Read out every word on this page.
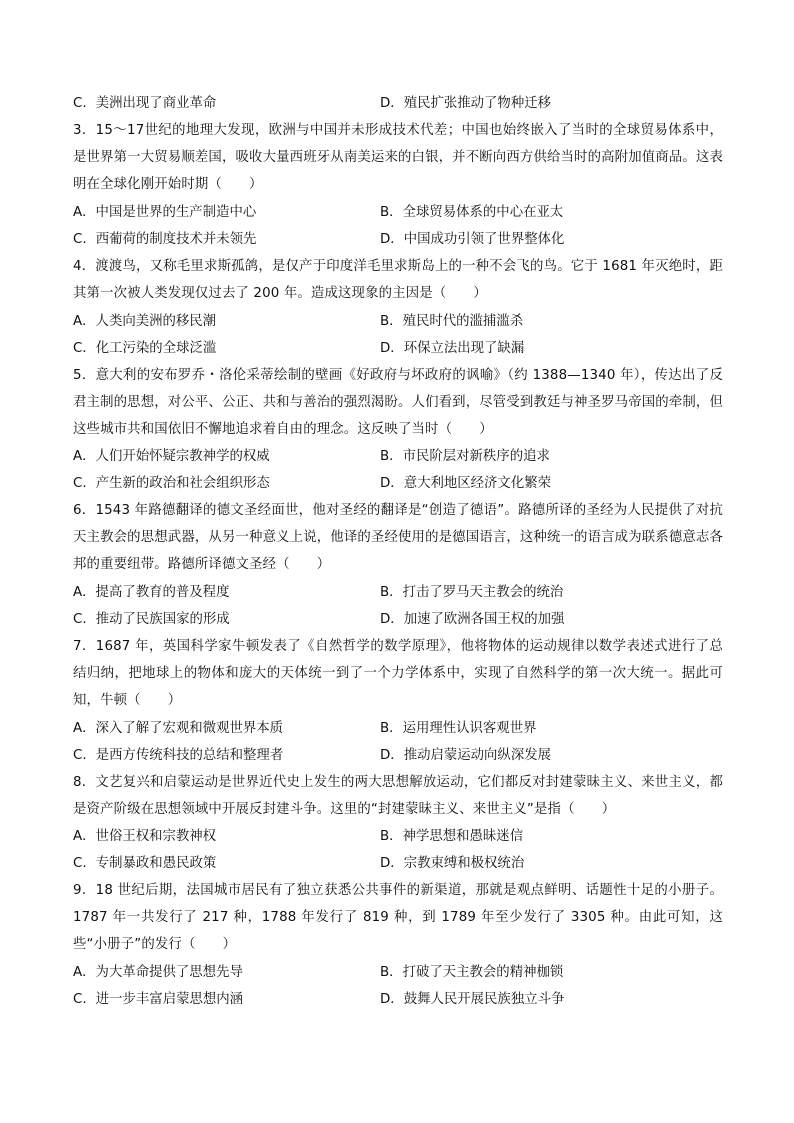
C．美洲出现了商业革命	D．殖民扩张推动了物种迁移
3．15～17世纪的地理大发现，欧洲与中国并未形成技术代差；中国也始终嵌入了当时的全球贸易体系中，是世界第一大贸易顺差国，吸收大量西班牙从南美运来的白银，并不断向西方供给当时的高附加值商品。这表明在全球化刚开始时期（　　）
A．中国是世界的生产制造中心	B．全球贸易体系的中心在亚太
C．西葡荷的制度技术并未领先	D．中国成功引领了世界整体化
4．渡渡鸟，又称毛里求斯孤鸽，是仅产于印度洋毛里求斯岛上的一种不会飞的鸟。它于 1681 年灭绝时，距其第一次被人类发现仅过去了 200 年。造成这现象的主因是（　　）
A．人类向美洲的移民潮	B．殖民时代的滥捕滥杀
C．化工污染的全球泛滥	D．环保立法出现了缺漏
5．意大利的安布罗乔・洛伦采蒂绘制的壁画《好政府与坏政府的讽喻》（约 1388—1340 年），传达出了反君主制的思想，对公平、公正、共和与善治的强烈渴盼。人们看到，尽管受到教廷与神圣罗马帝国的牵制，但这些城市共和国依旧不懈地追求着自由的理念。这反映了当时（　　）
A．人们开始怀疑宗教神学的权威	B．市民阶层对新秩序的追求
C．产生新的政治和社会组织形态	D．意大利地区经济文化繁荣
6．1543 年路德翻译的德文圣经面世，他对圣经的翻译是“创造了德语”。路德所译的圣经为人民提供了对抗天主教会的思想武器，从另一种意义上说，他译的圣经使用的是德国语言，这种统一的语言成为联系德意志各邦的重要纽带。路德所译德文圣经（　　）
A．提高了教育的普及程度	B．打击了罗马天主教会的统治
C．推动了民族国家的形成	D．加速了欧洲各国王权的加强
7．1687 年，英国科学家牛顿发表了《自然哲学的数学原理》，他将物体的运动规律以数学表述式进行了总结归纳，把地球上的物体和庞大的天体统一到了一个力学体系中，实现了自然科学的第一次大统一。据此可知，牛顿（　　）
A．深入了解了宏观和微观世界本质	B．运用理性认识客观世界
C．是西方传统科技的总结和整理者	D．推动启蒙运动向纵深发展
8．文艺复兴和启蒙运动是世界近代史上发生的两大思想解放运动，它们都反对封建蒙昧主义、来世主义，都是资产阶级在思想领域中开展反封建斗争。这里的“封建蒙昧主义、来世主义”是指（　　）
A．世俗王权和宗教神权	B．神学思想和愚昧迷信
C．专制暴政和愚民政策	D．宗教束缚和极权统治
9．18 世纪后期，法国城市居民有了独立获悉公共事件的新渠道，那就是观点鲜明、话题性十足的小册子。1787 年一共发行了 217 种，1788 年发行了 819 种，到 1789 年至少发行了 3305 种。由此可知，这些“小册子”的发行（　　）
A．为大革命提供了思想先导	B．打破了天主教会的精神枷锁
C．进一步丰富启蒙思想内涵	D．鼓舞人民开展民族独立斗争
